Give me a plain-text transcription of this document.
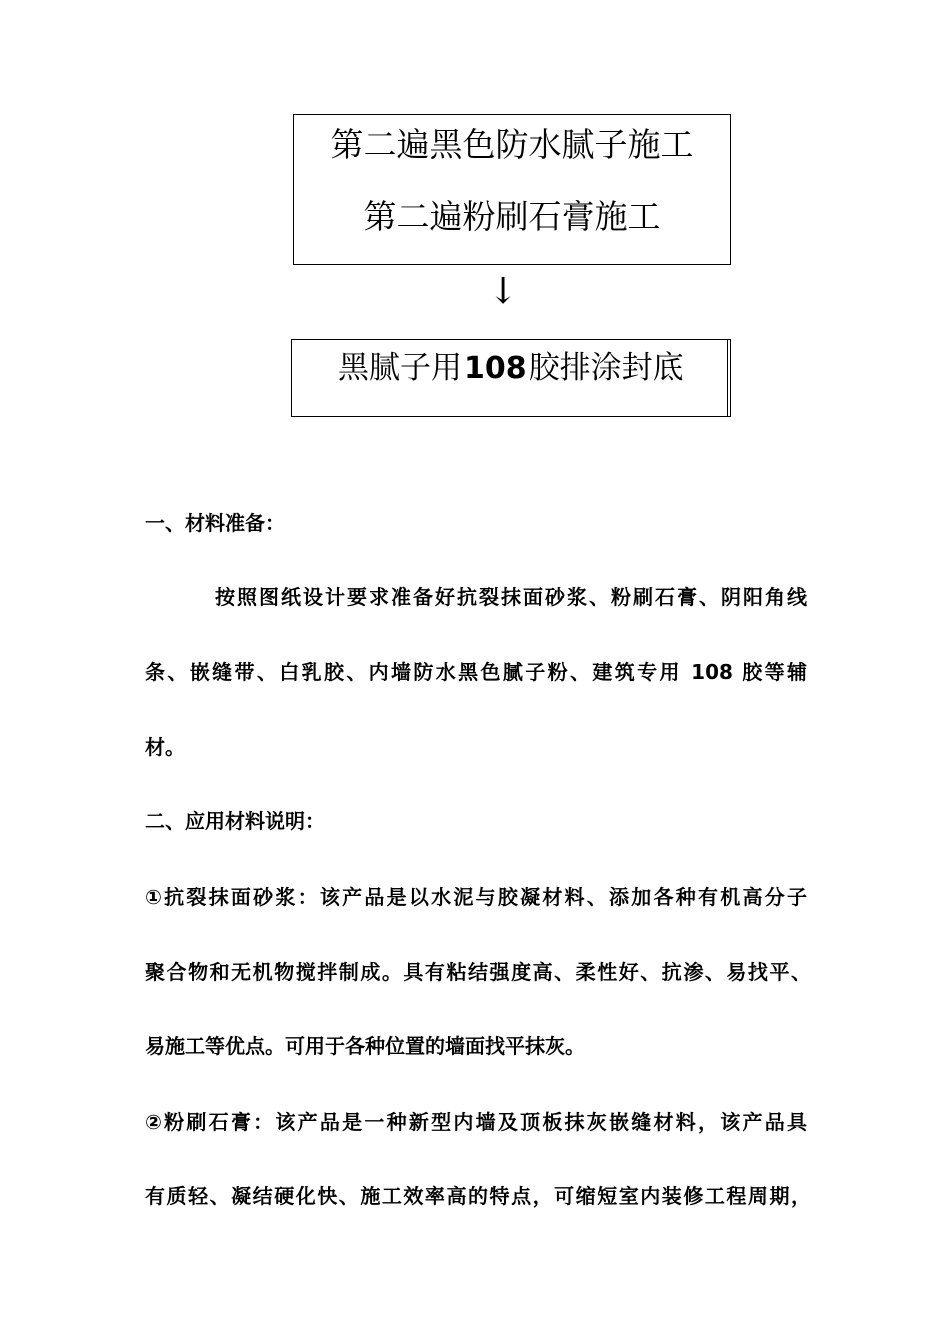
第二遍黑色防水腻子施工
第二遍粉刷石膏施工
↓
黑腻子用108胶排涂封底
一、材料准备：
按照图纸设计要求准备好抗裂抹面砂浆、粉刷石膏、阴阳角线
条、嵌缝带、白乳胶、内墙防水黑色腻子粉、建筑专用 108 胶等辅
材。
二、应用材料说明：
①抗裂抹面砂浆：该产品是以水泥与胶凝材料、添加各种有机高分子
聚合物和无机物搅拌制成。具有粘结强度高、柔性好、抗渗、易找平、
易施工等优点。可用于各种位置的墙面找平抹灰。
②粉刷石膏：该产品是一种新型内墙及顶板抹灰嵌缝材料，该产品具
有质轻、凝结硬化快、施工效率高的特点，可缩短室内装修工程周期，
